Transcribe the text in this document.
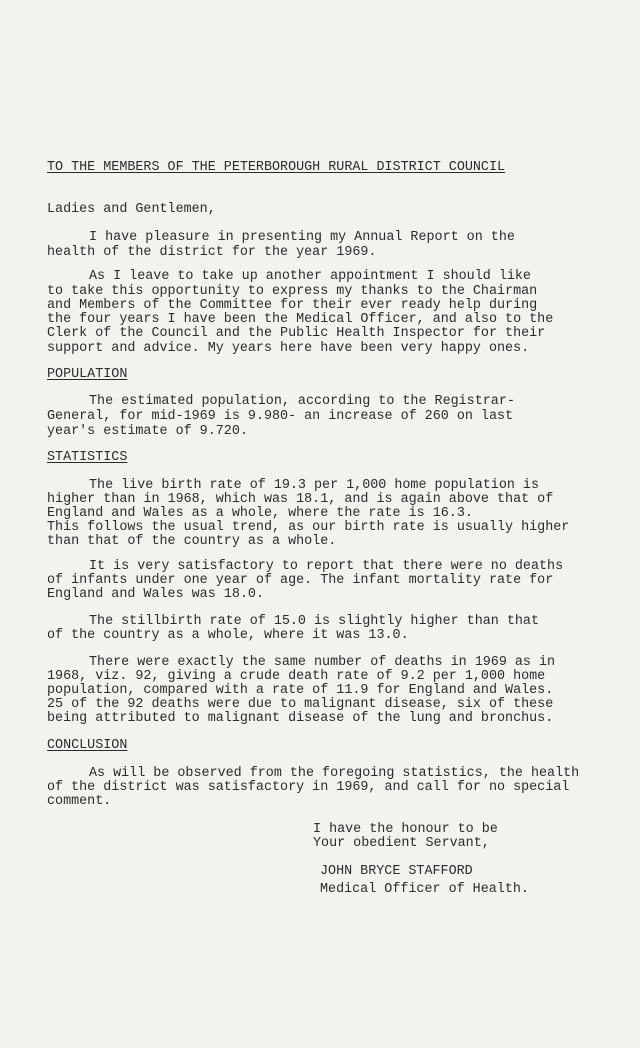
TO THE MEMBERS OF THE PETERBOROUGH RURAL DISTRICT COUNCIL
Ladies and Gentlemen,
I have pleasure in presenting my Annual Report on the
health of the district for the year 1969.
As I leave to take up another appointment I should like
to take this opportunity to express my thanks to the Chairman
and Members of the Committee for their ever ready help during
the four years I have been the Medical Officer, and also to the
Clerk of the Council and the Public Health Inspector for their
support and advice. My years here have been very happy ones.
POPULATION
The estimated population, according to the Registrar-
General, for mid-1969 is 9.980- an increase of 260 on last
year's estimate of 9.720.
STATISTICS
The live birth rate of 19.3 per 1,000 home population is
higher than in 1968, which was 18.1, and is again above that of
England and Wales as a whole, where the rate is 16.3.
This follows the usual trend, as our birth rate is usually higher
than that of the country as a whole.
It is very satisfactory to report that there were no deaths
of infants under one year of age. The infant mortality rate for
England and Wales was 18.0.
The stillbirth rate of 15.0 is slightly higher than that
of the country as a whole, where it was 13.0.
There were exactly the same number of deaths in 1969 as in
1968, viz. 92, giving a crude death rate of 9.2 per 1,000 home
population, compared with a rate of 11.9 for England and Wales.
25 of the 92 deaths were due to malignant disease, six of these
being attributed to malignant disease of the lung and bronchus.
CONCLUSION
As will be observed from the foregoing statistics, the health
of the district was satisfactory in 1969, and call for no special
comment.
I have the honour to be
Your obedient Servant,
JOHN BRYCE STAFFORD
Medical Officer of Health.
